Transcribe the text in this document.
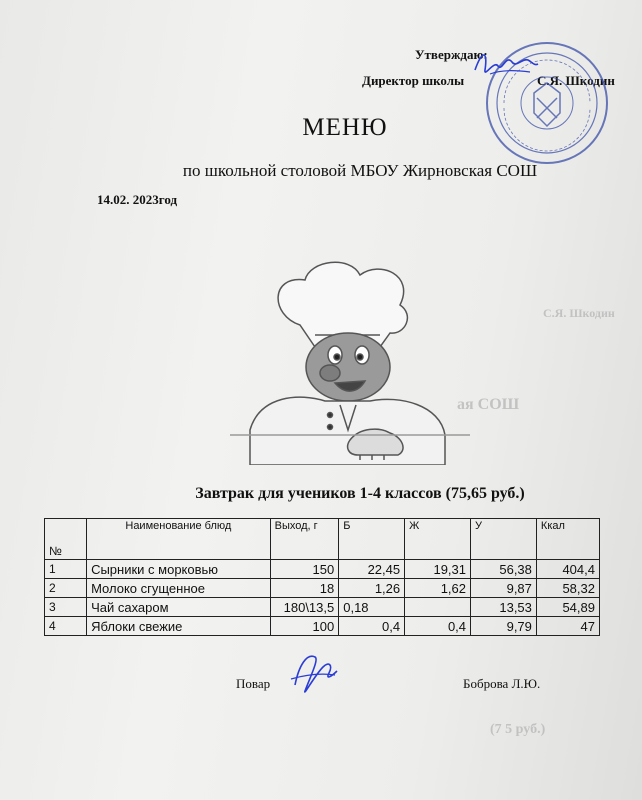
С.Я. Шкодин
ая СОШ
(7 5 руб.)
Утверждаю:
Директор школы	С.Я. Шкодин
МЕНЮ
по школьной столовой МБОУ Жирновская СОШ
14.02. 2023год
Завтрак для учеников 1-4 классов (75,65 руб.)
№	Наименование блюд	Выход, г	Б	Ж	У	Ккал
1	Сырники с морковью	150	22,45	19,31	56,38	404,4
2	Молоко сгущенное	18	1,26	1,62	9,87	58,32
3	Чай сахаром	180\13,5	0,18		13,53	54,89
4	Яблоки свежие	100	0,4	0,4	9,79	47
Повар	Боброва Л.Ю.
